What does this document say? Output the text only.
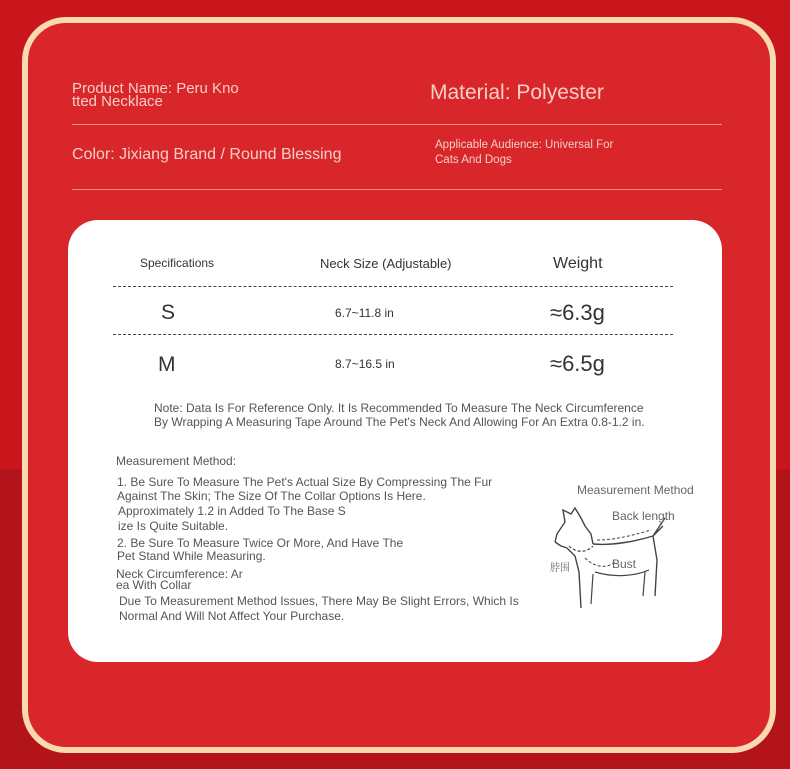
Product Name: Peru Kno
tted Necklace	Material: Polyester
Color: Jixiang Brand / Round Blessing
Applicable Audience: Universal For
Cats And Dogs
Specifications	Neck Size (Adjustable)	Weight
S	6.7~11.8 in	≈6.3g
M	8.7~16.5 in	≈6.5g
Note: Data Is For Reference Only. It Is Recommended To Measure The Neck Circumference
By Wrapping A Measuring Tape Around The Pet's Neck And Allowing For An Extra 0.8-1.2 in.
Measurement Method:
1. Be Sure To Measure The Pet's Actual Size By Compressing The Fur
Against The Skin; The Size Of The Collar Options Is Here.
Approximately 1.2 in Added To The Base S
ize Is Quite Suitable.
2. Be Sure To Measure Twice Or More, And Have The
Pet Stand While Measuring.
Neck Circumference: Ar
ea With Collar
Due To Measurement Method Issues, There May Be Slight Errors, Which Is
Normal And Will Not Affect Your Purchase.
Measurement Method
Back length
Bust
脖围
